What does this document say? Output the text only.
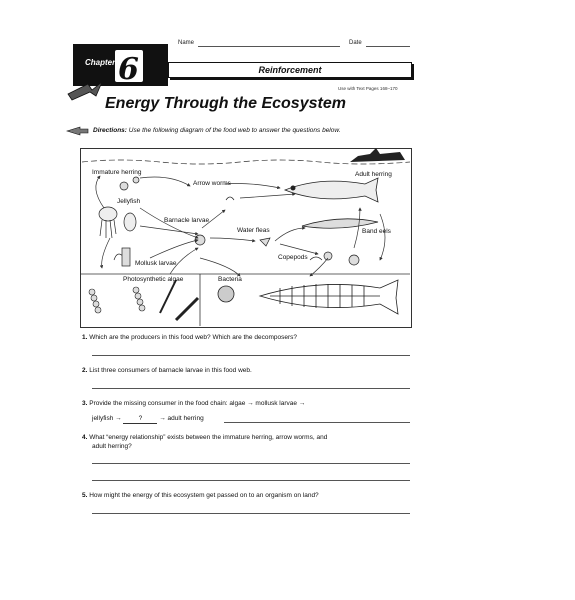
Name	Date
Chapter 6	Reinforcement
Use with Text Pages 168–170
Energy Through the Ecosystem
Directions: Use the following diagram of the food web to answer the questions below.
Immature herring
Arrow worms
Adult herring
Jellyfish
Barnacle larvae
Water fleas	Band eels
Copepods
Mollusk larvae
Photosynthetic algae	Bacteria
1. Which are the producers in this food web? Which are the decomposers?
2. List three consumers of barnacle larvae in this food web.
3. Provide the missing consumer in the food chain: algae → mollusk larvae →
jellyfish →	?	→ adult herring
4. What “energy relationship” exists between the immature herring, arrow worms, and
adult herring?
5. How might the energy of this ecosystem get passed on to an organism on land?
